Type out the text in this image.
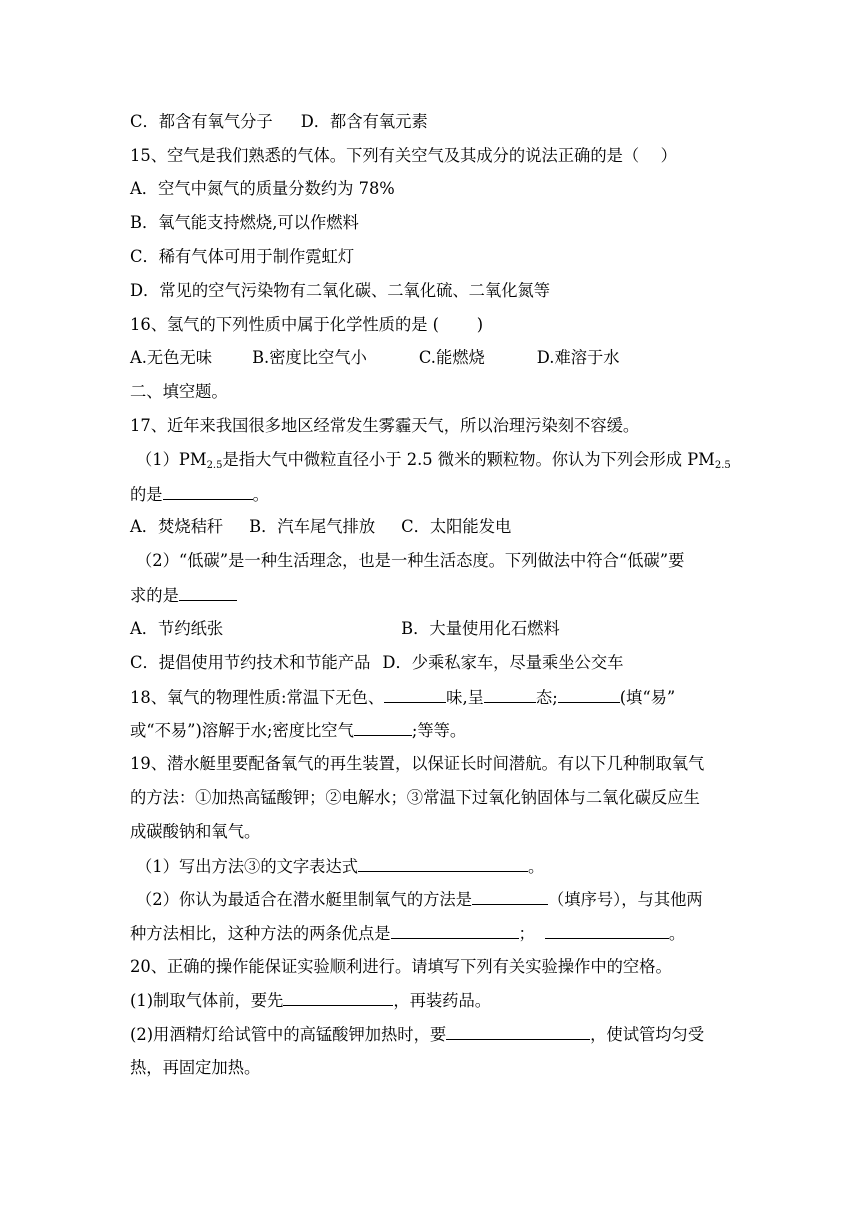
C．都含有氧气分子 D．都含有氧元素
15、空气是我们熟悉的气体。下列有关空气及其成分的说法正确的是（　 ）
A．空气中氮气的质量分数约为 78%
B．氧气能支持燃烧,可以作燃料
C．稀有气体可用于制作霓虹灯
D．常见的空气污染物有二氧化碳、二氧化硫、二氧化氮等
16、氢气的下列性质中属于化学性质的是 (　 　)
A.无色无味 B.密度比空气小	C.能燃烧	D.难溶于水
二、填空题。
17、近年来我国很多地区经常发生雾霾天气，所以治理污染刻不容缓。
$(1)PM_{2.5}$是指大气中微粒直径小于 2.5 微米的颗粒物。你认为下列会形成 $PM_{2.5}$
的是	。
A．焚烧秸秆 B．汽车尾气排放 C．太阳能发电
（2）“低碳”是一种生活理念，也是一种生活态度。下列做法中符合“低碳”要
求的是
A．节约纸张	B．大量使用化石燃料
C．提倡使用节约技术和节能产品 D．少乘私家车，尽量乘坐公交车
18、氧气的物理性质:常温下无色、	味,呈	态;	(填“易”
或“不易”)溶解于水;密度比空气	;等等。
19、潜水艇里要配备氧气的再生装置，以保证长时间潜航。有以下几种制取氧气
的方法：①加热高锰酸钾；②电解水；③常温下过氧化钠固体与二氧化碳反应生
成碳酸钠和氧气。
（1）写出方法③的文字表达式	。
（2）你认为最适合在潜水艇里制氧气的方法是	（填序号），与其他两
种方法相比，这种方法的两条优点是	；	。
20、正确的操作能保证实验顺利进行。请填写下列有关实验操作中的空格。
(1)制取气体前，要先	，再装药品。
(2)用酒精灯给试管中的高锰酸钾加热时，要	，使试管均匀受
热，再固定加热。
